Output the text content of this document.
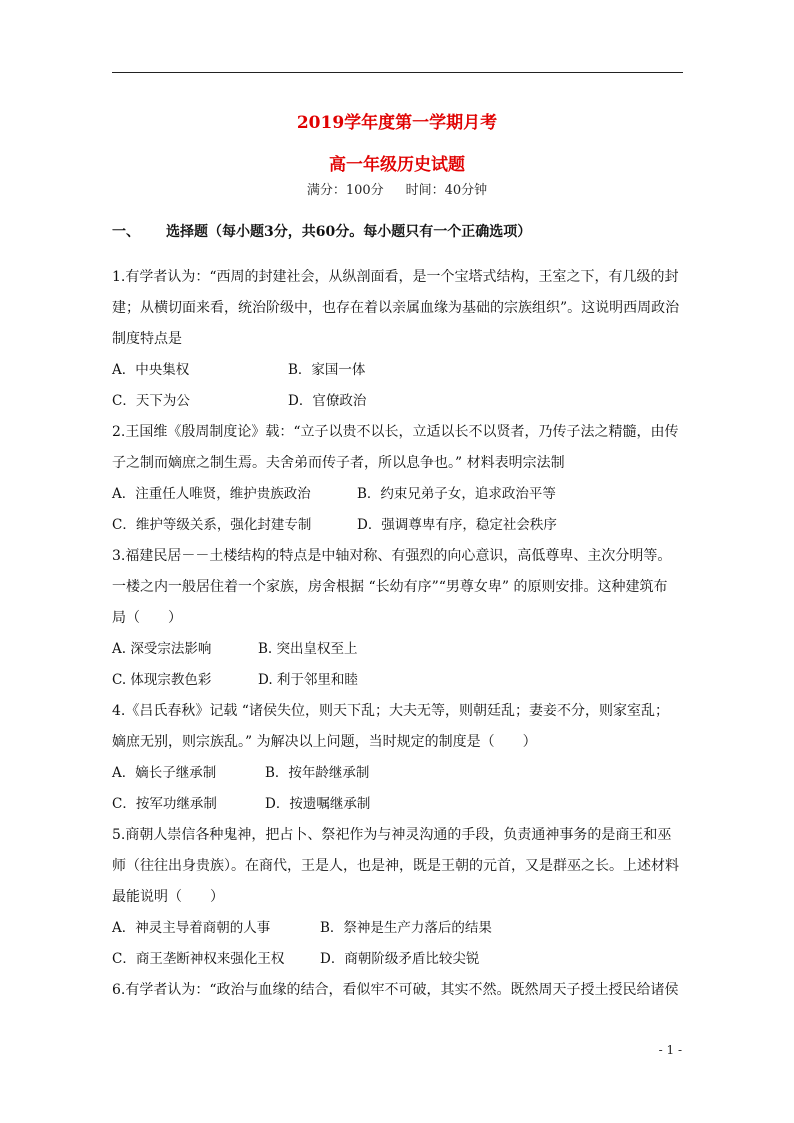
2019学年度第一学期月考
高一年级历史试题
满分：100分 时间：40分钟
一、 选择题（每小题3分，共60分。每小题只有一个正确选项）
1.有学者认为：“西周的封建社会，从纵剖面看，是一个宝塔式结构，王室之下，有几级的封
建；从横切面来看，统治阶级中，也存在着以亲属血缘为基础的宗族组织”。这说明西周政治
制度特点是
A．中央集权	B．家国一体
C．天下为公	D．官僚政治
2.王国维《殷周制度论》载：“立子以贵不以长，立适以长不以贤者，乃传子法之精髓，由传
子之制而嫡庶之制生焉。夫舍弟而传子者，所以息争也。” 材料表明宗法制
A．注重任人唯贤，维护贵族政治	B．约束兄弟子女，追求政治平等
C．维护等级关系，强化封建专制	D．强调尊卑有序，稳定社会秩序
3.福建民居－－土楼结构的特点是中轴对称、有强烈的向心意识，高低尊卑、主次分明等。
一楼之内一般居住着一个家族，房舍根据 “长幼有序”“男尊女卑” 的原则安排。这种建筑布
局（　　）
A. 深受宗法影响	B. 突出皇权至上
C. 体现宗教色彩	D. 利于邻里和睦
4.《吕氏春秋》记载 “诸侯失位，则天下乱；大夫无等，则朝廷乱；妻妾不分，则家室乱；
嫡庶无别，则宗族乱。” 为解决以上问题，当时规定的制度是（　　）
A．嫡长子继承制	B．按年龄继承制
C．按军功继承制	D．按遗嘱继承制
5.商朝人崇信各种鬼神，把占卜、祭祀作为与神灵沟通的手段，负责通神事务的是商王和巫
师（往往出身贵族）。在商代，王是人，也是神，既是王朝的元首，又是群巫之长。上述材料
最能说明（　　）
A．神灵主导着商朝的人事	B．祭神是生产力落后的结果
C．商王垄断神权来强化王权	D．商朝阶级矛盾比较尖锐
6.有学者认为：“政治与血缘的结合，看似牢不可破，其实不然。既然周天子授土授民给诸侯
- 1 -
